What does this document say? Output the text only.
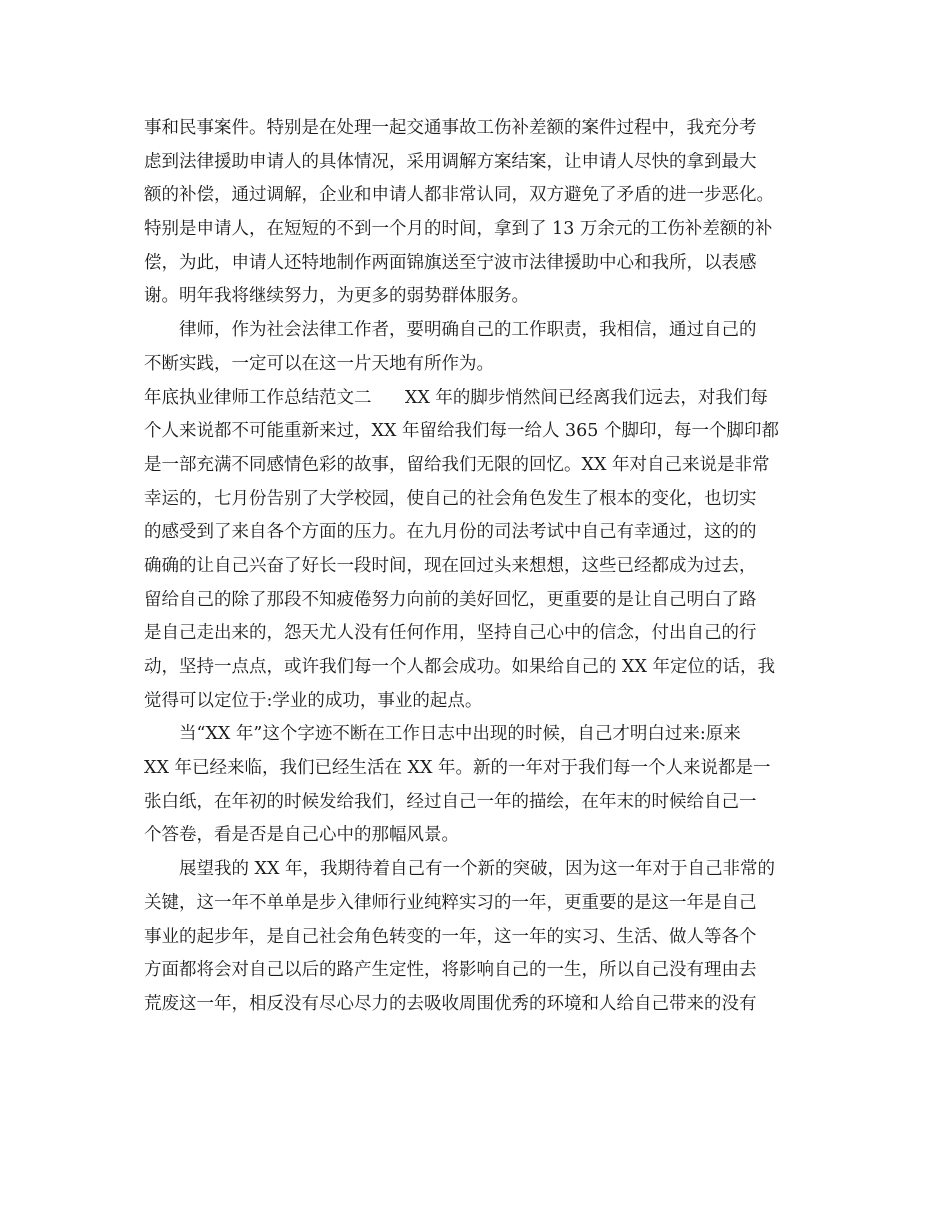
事和民事案件。特别是在处理一起交通事故工伤补差额的案件过程中，我充分考
虑到法律援助申请人的具体情况，采用调解方案结案，让申请人尽快的拿到最大
额的补偿，通过调解，企业和申请人都非常认同，双方避免了矛盾的进一步恶化。
特别是申请人，在短短的不到一个月的时间，拿到了 13 万余元的工伤补差额的补
偿，为此，申请人还特地制作两面锦旗送至宁波市法律援助中心和我所，以表感
谢。明年我将继续努力，为更多的弱势群体服务。
律师，作为社会法律工作者，要明确自己的工作职责，我相信，通过自己的
不断实践，一定可以在这一片天地有所作为。
年底执业律师工作总结范文二      XX 年的脚步悄然间已经离我们远去，对我们每
个人来说都不可能重新来过，XX 年留给我们每一给人 365 个脚印，每一个脚印都
是一部充满不同感情色彩的故事，留给我们无限的回忆。XX 年对自己来说是非常
幸运的，七月份告别了大学校园，使自己的社会角色发生了根本的变化，也切实
的感受到了来自各个方面的压力。在九月份的司法考试中自己有幸通过，这的的
确确的让自己兴奋了好长一段时间，现在回过头来想想，这些已经都成为过去，
留给自己的除了那段不知疲倦努力向前的美好回忆，更重要的是让自己明白了路
是自己走出来的，怨天尤人没有任何作用，坚持自己心中的信念，付出自己的行
动，坚持一点点，或许我们每一个人都会成功。如果给自己的 XX 年定位的话，我
觉得可以定位于:学业的成功，事业的起点。
当“XX 年”这个字迹不断在工作日志中出现的时候，自己才明白过来:原来
XX 年已经来临，我们已经生活在 XX 年。新的一年对于我们每一个人来说都是一
张白纸，在年初的时候发给我们，经过自己一年的描绘，在年末的时候给自己一
个答卷，看是否是自己心中的那幅风景。
展望我的 XX 年，我期待着自己有一个新的突破，因为这一年对于自己非常的
关键，这一年不单单是步入律师行业纯粹实习的一年，更重要的是这一年是自己
事业的起步年，是自己社会角色转变的一年，这一年的实习、生活、做人等各个
方面都将会对自己以后的路产生定性，将影响自己的一生，所以自己没有理由去
荒废这一年，相反没有尽心尽力的去吸收周围优秀的环境和人给自己带来的没有
